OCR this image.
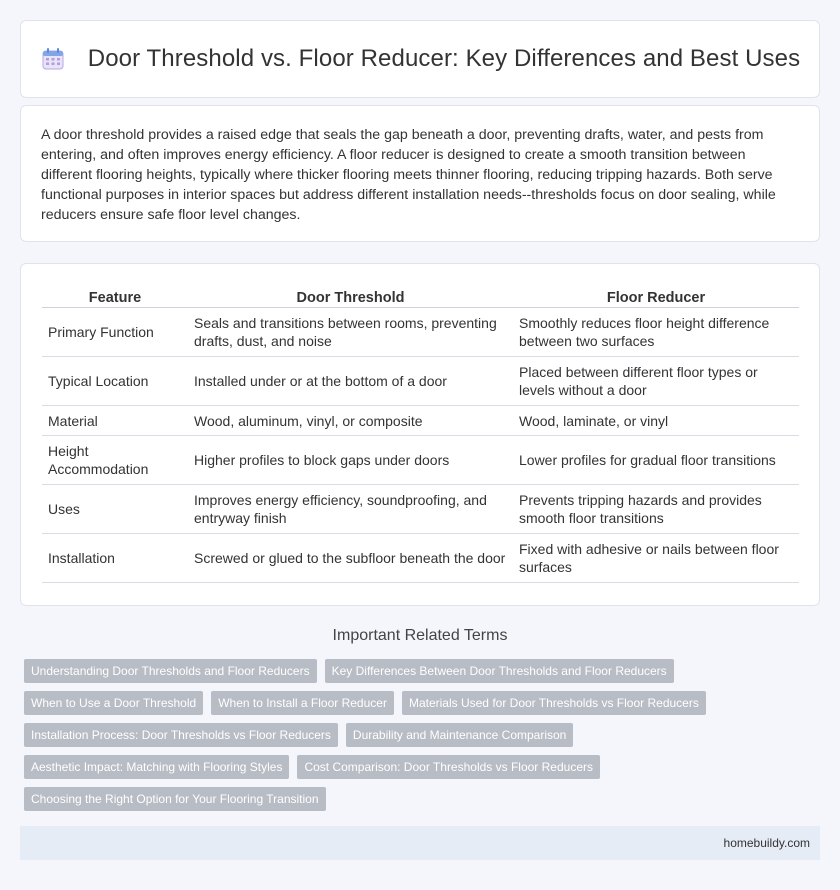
Door Threshold vs. Floor Reducer: Key Differences and Best Uses

A door threshold provides a raised edge that seals the gap beneath a door, preventing drafts, water, and pests from entering, and often improves energy efficiency. A floor reducer is designed to create a smooth transition between different flooring heights, typically where thicker flooring meets thinner flooring, reducing tripping hazards. Both serve functional purposes in interior spaces but address different installation needs--thresholds focus on door sealing, while reducers ensure safe floor level changes.

Feature	Door Threshold	Floor Reducer
Primary Function	Seals and transitions between rooms, preventing drafts, dust, and noise	Smoothly reduces floor height difference between two surfaces
Typical Location	Installed under or at the bottom of a door	Placed between different floor types or levels without a door
Material	Wood, aluminum, vinyl, or composite	Wood, laminate, or vinyl
Height Accommodation	Higher profiles to block gaps under doors	Lower profiles for gradual floor transitions
Uses	Improves energy efficiency, soundproofing, and entryway finish	Prevents tripping hazards and provides smooth floor transitions
Installation	Screwed or glued to the subfloor beneath the door	Fixed with adhesive or nails between floor surfaces
Important Related Terms
Understanding Door Thresholds and Floor Reducers	Key Differences Between Door Thresholds and Floor Reducers
When to Use a Door Threshold	When to Install a Floor Reducer	Materials Used for Door Thresholds vs Floor Reducers
Installation Process: Door Thresholds vs Floor Reducers	Durability and Maintenance Comparison
Aesthetic Impact: Matching with Flooring Styles	Cost Comparison: Door Thresholds vs Floor Reducers
Choosing the Right Option for Your Flooring Transition
homebuildy.com
